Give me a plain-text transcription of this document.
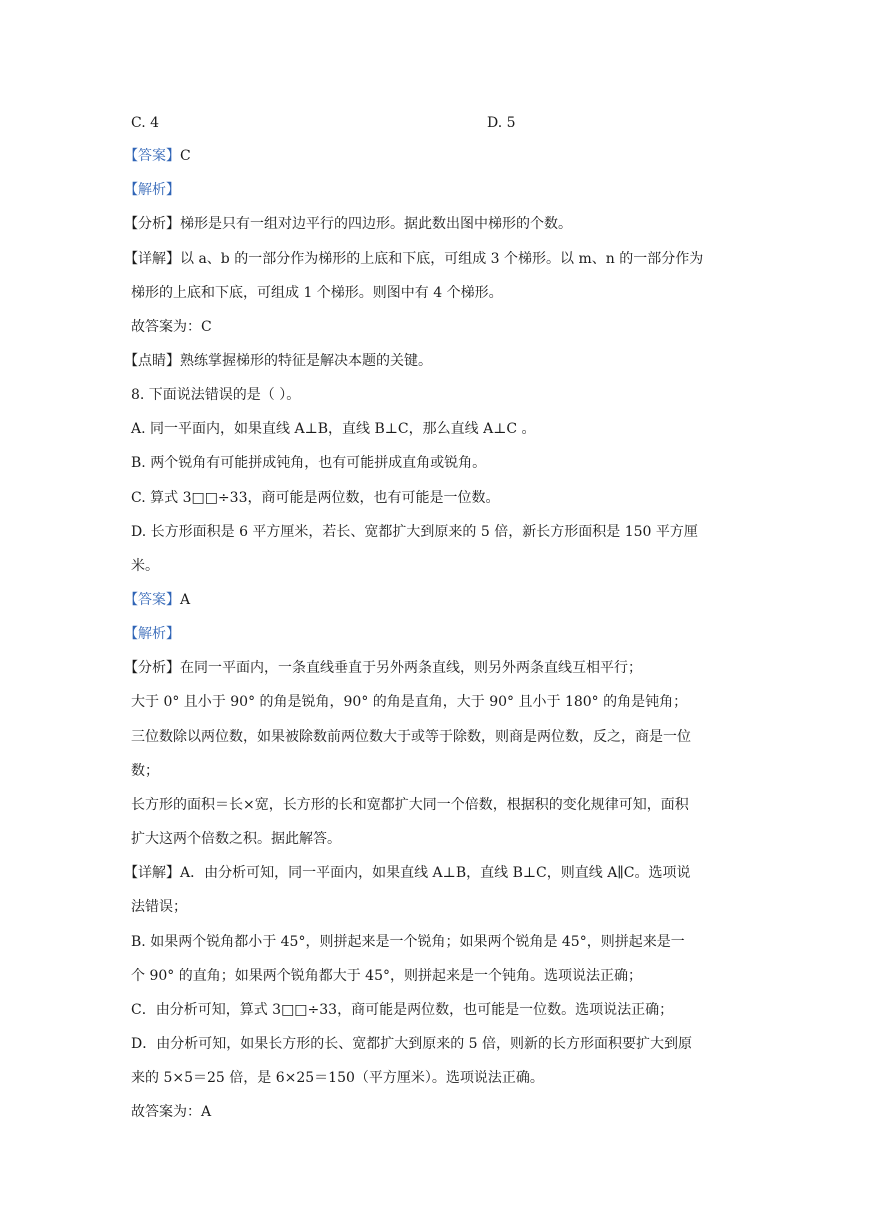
C. 4	D. 5
【答案】C
【解析】
【分析】梯形是只有一组对边平行的四边形。据此数出图中梯形的个数。
【详解】以 a、b 的一部分作为梯形的上底和下底，可组成 3 个梯形。以 m、n 的一部分作为
梯形的上底和下底，可组成 1 个梯形。则图中有 4 个梯形。
故答案为：C
【点睛】熟练掌握梯形的特征是解决本题的关键。
8. 下面说法错误的是（ ）。
A. 同一平面内，如果直线 A⊥B，直线 B⊥C，那么直线 A⊥C 。
B. 两个锐角有可能拼成钝角，也有可能拼成直角或锐角。
C. 算式 3□□÷33，商可能是两位数，也有可能是一位数。
D. 长方形面积是 6 平方厘米，若长、宽都扩大到原来的 5 倍，新长方形面积是 150 平方厘
米。
【答案】A
【解析】
【分析】在同一平面内，一条直线垂直于另外两条直线，则另外两条直线互相平行；
大于 0° 且小于 90° 的角是锐角，90° 的角是直角，大于 90° 且小于 180° 的角是钝角；
三位数除以两位数，如果被除数前两位数大于或等于除数，则商是两位数，反之，商是一位
数；
长方形的面积＝长×宽，长方形的长和宽都扩大同一个倍数，根据积的变化规律可知，面积
扩大这两个倍数之积。据此解答。
【详解】A．由分析可知，同一平面内，如果直线 A⊥B，直线 B⊥C，则直线 A∥C。选项说
法错误；
B. 如果两个锐角都小于 45°，则拼起来是一个锐角；如果两个锐角是 45°，则拼起来是一
个 90° 的直角；如果两个锐角都大于 45°，则拼起来是一个钝角。选项说法正确；
C．由分析可知，算式 3□□÷33，商可能是两位数，也可能是一位数。选项说法正确；
D．由分析可知，如果长方形的长、宽都扩大到原来的 5 倍，则新的长方形面积要扩大到原
来的 5×5＝25 倍，是 6×25＝150（平方厘米）。选项说法正确。
故答案为：A
